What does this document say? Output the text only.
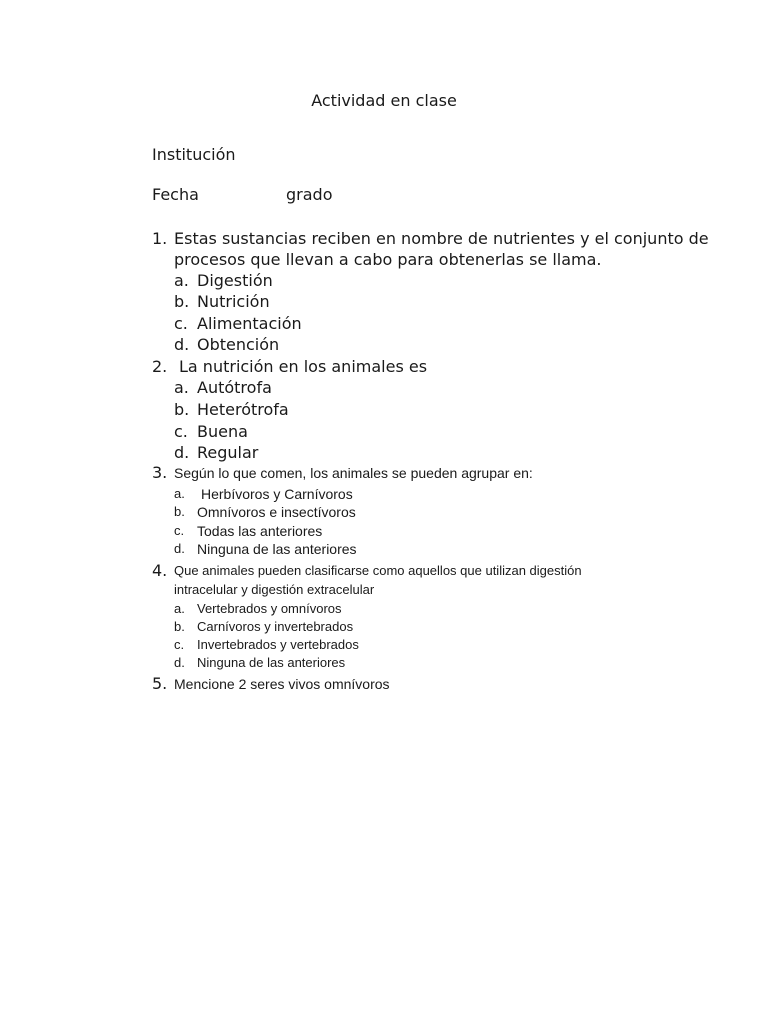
Actividad en clase
Institución
Fecha	grado
1. Estas sustancias reciben en nombre de nutrientes y el conjunto de
procesos que llevan a cabo para obtenerlas se llama.
a. Digestión
b. Nutrición
c. Alimentación
d. Obtención
2. La nutrición en los animales es
a. Autótrofa
b. Heterótrofa
c. Buena
d. Regular
3. Según lo que comen, los animales se pueden agrupar en:
a. Herbívoros y Carnívoros
b. Omnívoros e insectívoros
c. Todas las anteriores
d. Ninguna de las anteriores
4. Que animales pueden clasificarse como aquellos que utilizan digestión
intracelular y digestión extracelular
a. Vertebrados y omnívoros
b. Carnívoros y invertebrados
c. Invertebrados y vertebrados
d. Ninguna de las anteriores
5. Mencione 2 seres vivos omnívoros
